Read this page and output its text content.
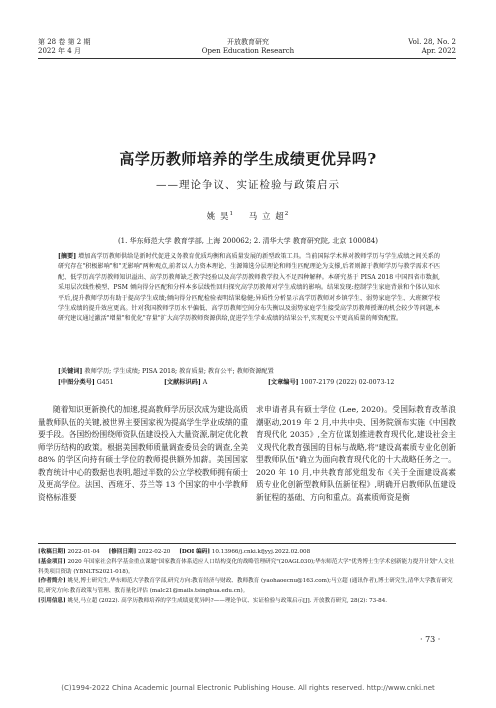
第 28 卷 第 2 期
2022 年 4 月
开放教育研究
Open Education Research
Vol. 28, No. 2
Apr. 2022
高学历教师培养的学生成绩更优异吗?
——理论争议、实证检验与政策启示
姚 昊$^1$ 马 立 超$^2$
(1. 华东师范大学 教育学部, 上海 200062; 2. 清华大学 教育研究院, 北京 100084)
[摘要] 增加高学历教师供给是新时代促进义务教育优质均衡和高质量发展的新型政策工具。当前国际学术界对教师学历与学生成绩之间关系的研究存在"积极影响"和"无影响"两种观点,前者以人力资本理论、生源筛选分层理论和师生匹配理论为支撑,后者则源于教师学历与教学需求不匹配、低学历高学历教师知识溢出、高学历教师缺乏教学经验以及高学历教师教学投入不足四种解释。本研究基于 PISA 2018 中国四省市数据,采用层次线性模型、PSM 倾向得分匹配和分样本多层线性回归探究高学历教师对学生成绩的影响。结果发现:控制学生家庭背景和个体认知水平后,提升教师学历有助于提高学生成绩;倾向得分匹配检验表明结果稳健;异质性分析显示高学历教师对乡镇学生、弱势家庭学生、大班额学校学生成绩的提升效应更高。针对我国教师学历水平偏低、高学历教师空间分布失衡以及弱势家庭学生接受高学历教师授课的机会较少等问题,本研究建议通过激活"增量"和优化"存量"扩大高学历教师资源供给,促进学生学业成绩的结果公平,实现更公平更高质量的师资配置。
[关键词] 教师学历; 学生成绩; PISA 2018; 教育质量; 教育公平; 教师资源配置
[中图分类号] G451	[文献标识码] A	[文章编号] 1007-2179 (2022) 02-0073-12
随着知识更新换代的加速,提高教师学历层次成为建设高质量教师队伍的关键,被世界主要国家视为提高学生学业成绩的重要手段。各国纷纷围绕师资队伍建设投入大量资源,制定优化教师学历结构的政策。根据美国教师质量调查委员会的调查,全美 88% 的学区向持有硕士学位的教师提供额外加薪。美国国家教育统计中心的数据也表明,超过半数的公立学校教师拥有硕士及更高学位。法国、西班牙、芬兰等 13 个国家的中小学教师资格标准要
求申请者具有硕士学位 (Lee, 2020)。受国际教育改革浪潮驱动,2019 年 2 月,中共中央、国务院颁布实施《中国教育现代化 2035》,全方位谋划推进教育现代化,建设社会主义现代化教育强国的目标与战略,将"建设高素质专业化创新型教师队伍"确立为面向教育现代化的十大战略任务之一。2020 年 10 月,中共教育部党组发布《关于全面建设高素质专业化创新型教师队伍新征程》,明确开启教师队伍建设新征程的基础、方向和重点。高素质师资是衡

[收稿日期] 2022-01-04 [修回日期] 2022-02-20 [DOI 编码] 10.13966/j.cnki.kfjyyj.2022.02.008

[基金项目] 2020 年国家社会科学基金重点课题"国家教育体系适应人口结构变化的战略管理研究"(20AGL030);华东师范大学"优秀博士生学术创新能力提升计划"人文社科类项目资助 (YBNLTS2021-018)。

[作者简介] 姚昊,博士研究生,华东师范大学教育学部,研究方向:教育经济与财政、教师教育 (yaohaoecnu@163.com);马立超 (通讯作者),博士研究生,清华大学教育研究院,研究方向:教育政策与管理、教育量化评估 (malc21@mails.tsinghua.edu.cn)。

[引用信息] 姚昊,马立超 (2022). 高学历教师培养的学生成绩更优异吗?——理论争议、实证检验与政策启示[J]. 开放教育研究, 28(2): 73-84.

· 73 ·
(C)1994-2022 China Academic Journal Electronic Publishing House. All rights reserved. http://www.cnki.net
